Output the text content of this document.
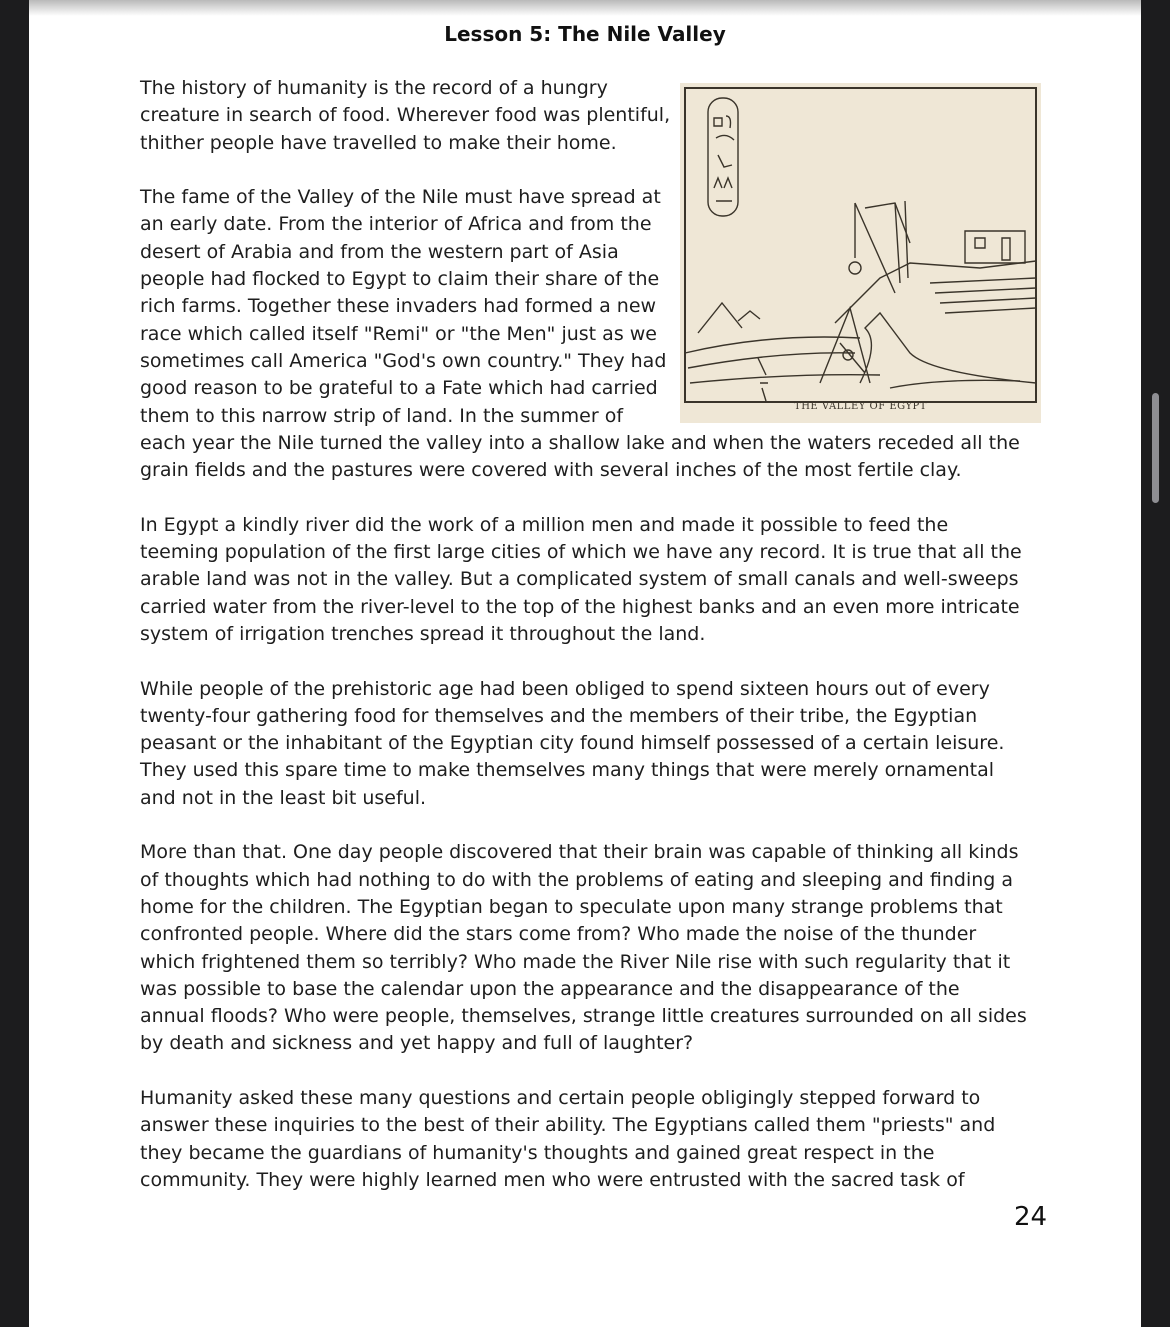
Lesson 5: The Nile Valley
THE VALLEY OF EGYPT

The history of humanity is the record of a hungry creature in search of food. Wherever food was plentiful, thither people have travelled to make their home.

The fame of the Valley of the Nile must have spread at an early date. From the interior of Africa and from the desert of Arabia and from the western part of Asia people had flocked to Egypt to claim their share of the rich farms. Together these invaders had formed a new race which called itself "Remi" or "the Men" just as we sometimes call America "God's own country." They had good reason to be grateful to a Fate which had carried them to this narrow strip of land. In the summer of each year the Nile turned the valley into a shallow lake and when the waters receded all the grain fields and the pastures were covered with several inches of the most fertile clay.

In Egypt a kindly river did the work of a million men and made it possible to feed the teeming population of the first large cities of which we have any record. It is true that all the arable land was not in the valley. But a complicated system of small canals and well-sweeps carried water from the river-level to the top of the highest banks and an even more intricate system of irrigation trenches spread it throughout the land.

While people of the prehistoric age had been obliged to spend sixteen hours out of every twenty-four gathering food for themselves and the members of their tribe, the Egyptian peasant or the inhabitant of the Egyptian city found himself possessed of a certain leisure. They used this spare time to make themselves many things that were merely ornamental and not in the least bit useful.

More than that. One day people discovered that their brain was capable of thinking all kinds of thoughts which had nothing to do with the problems of eating and sleeping and finding a home for the children. The Egyptian began to speculate upon many strange problems that confronted people. Where did the stars come from? Who made the noise of the thunder which frightened them so terribly? Who made the River Nile rise with such regularity that it was possible to base the calendar upon the appearance and the disappearance of the annual floods? Who were people, themselves, strange little creatures surrounded on all sides by death and sickness and yet happy and full of laughter?

Humanity asked these many questions and certain people obligingly stepped forward to answer these inquiries to the best of their ability. The Egyptians called them "priests" and they became the guardians of humanity's thoughts and gained great respect in the community. They were highly learned men who were entrusted with the sacred task of

24
